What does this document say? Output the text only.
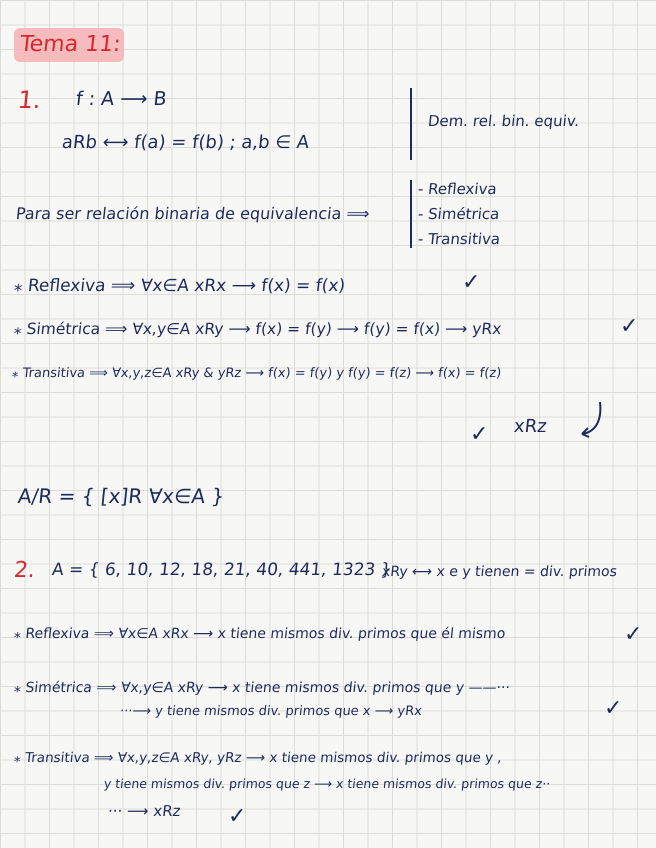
Tema 11:
1. f : A ⟶ B
aRb ⟷ f(a) = f(b) ; a,b ∈ A
Dem. rel. bin. equiv.
Para ser relación binaria de equivalencia ⟹
- Reflexiva
- Simétrica
- Transitiva
⁎ Reflexiva ⟹ ∀x∈A xRx ⟶ f(x) = f(x)	✓
⁎ Simétrica ⟹ ∀x,y∈A xRy ⟶ f(x) = f(y) ⟶ f(y) = f(x) ⟶ yRx	✓
⁎ Transitiva ⟹ ∀x,y,z∈A xRy & yRz ⟶ f(x) = f(y) y f(y) = f(z) ⟶ f(x) = f(z)
✓ xRz
A/R = { [x]R ∀x∈A }
2. A = { 6, 10, 12, 18, 21, 40, 441, 1323 }
xRy ⟷ x e y tienen = div. primos
⁎ Reflexiva ⟹ ∀x∈A xRx ⟶ x tiene mismos div. primos que él mismo	✓
⁎ Simétrica ⟹ ∀x,y∈A xRy ⟶ x tiene mismos div. primos que y ——···
···⟶ y tiene mismos div. primos que x ⟶ yRx	✓
⁎ Transitiva ⟹ ∀x,y,z∈A xRy, yRz ⟶ x tiene mismos div. primos que y ,
y tiene mismos div. primos que z ⟶ x tiene mismos div. primos que z··
··· ⟶ xRz ✓
